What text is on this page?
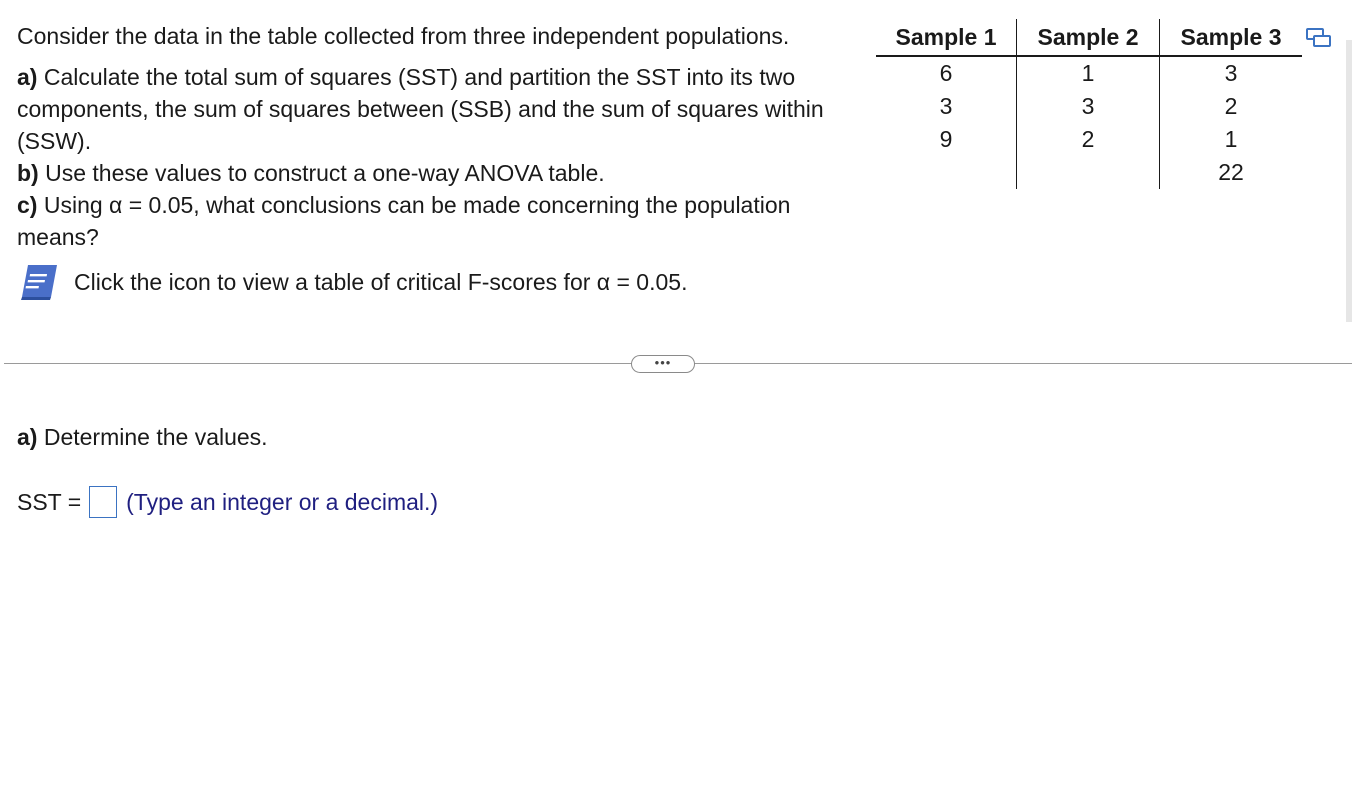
Consider the data in the table collected from three independent populations.

a) Calculate the total sum of squares (SST) and partition the SST into its two components, the sum of squares between (SSB) and the sum of squares within (SSW).

b) Use these values to construct a one-way ANOVA table.

c) Using α = 0.05, what conclusions can be made concerning the population means?

Click the icon to view a table of critical F-scores for α = 0.05.
Sample 1	Sample 2	Sample 3
6	1	3
3	3	2
9	2	1
		22
•••
a) Determine the values.
SST = (Type an integer or a decimal.)
